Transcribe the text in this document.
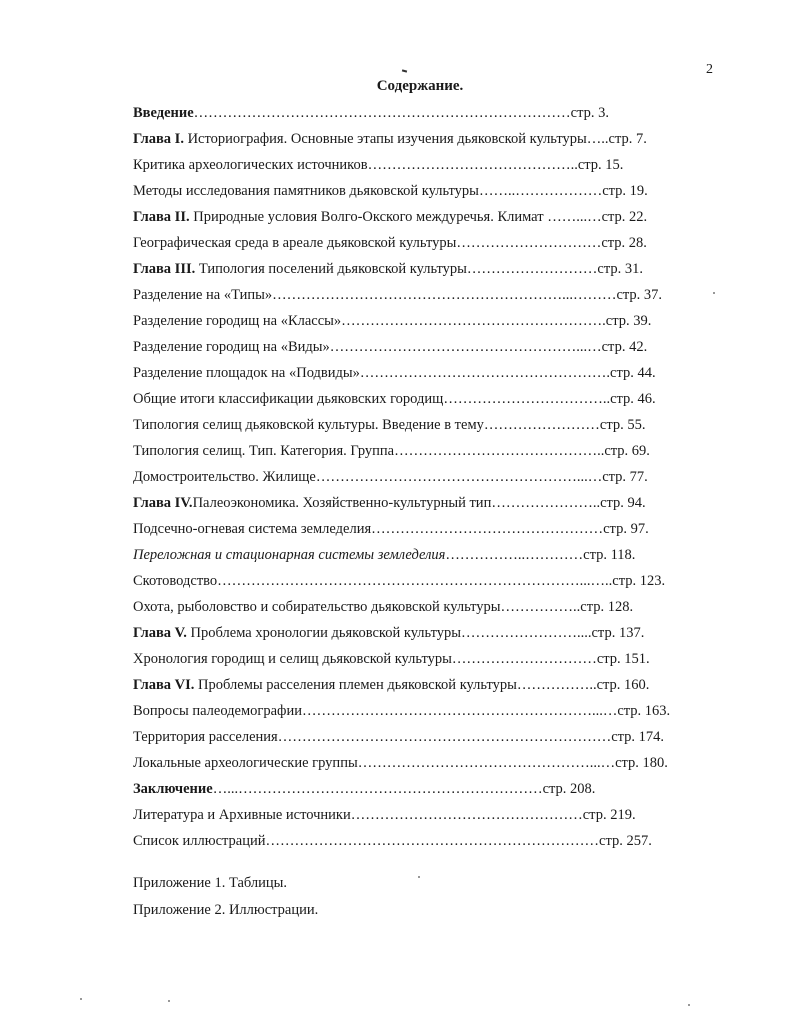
2
Содержание.
Введение……………………………………………………………………стр. 3.
Глава I. Историография. Основные этапы изучения дьяковской культуры…..стр. 7.
Критика археологических источников……………………………………..стр. 15.
Методы исследования памятников дьяковской культуры……..………………стр. 19.
Глава II. Природные условия Волго-Окского междуречья. Климат ……...…стр. 22.
Географическая среда в ареале дьяковской культуры…………………………стр. 28.
Глава III. Типология поселений дьяковской культуры………………………стр. 31.
Разделение на «Типы»……………………………………………………...………стр. 37.
Разделение городищ на «Классы»……………………………………………….стр. 39.
Разделение городищ на «Виды»……………………………………………...…стр. 42.
Разделение площадок на «Подвиды»…………………………………………….стр. 44.
Общие итоги классификации дьяковских городищ……………………………..стр. 46.
Типология селищ дьяковской культуры. Введение в тему……………………стр. 55.
Типология селищ. Тип. Категория. Группа……………………………………..стр. 69.
Домостроительство. Жилище………………………………………………...…стр. 77.
Глава IV.Палеоэкономика. Хозяйственно-культурный тип…………………..стр. 94.
Подсечно-огневая система земледелия…………………………………………стр. 97.
Переложная и стационарная системы земледелия……………..…………стр. 118.
Скотоводство…………………………………………………………………...…..стр. 123.
Охота, рыболовство и собирательство дьяковской культуры……………..стр. 128.
Глава V. Проблема хронологии дьяковской культуры……………………....стр. 137.
Хронология городищ и селищ дьяковской культуры…………………………стр. 151.
Глава VI. Проблемы расселения племен дьяковской культуры……………..стр. 160.
Вопросы палеодемографии……………………………………………………...…стр. 163.
Территория расселения……………………………………………………………стр. 174.
Локальные археологические группы…………………………………………...…стр. 180.
Заключение…...………………………………………………………стр. 208.
Литература и Архивные источники…………………………………………стр. 219.
Список иллюстраций……………………………………………………………стр. 257.
Приложение 1. Таблицы.
Приложение 2. Иллюстрации.
